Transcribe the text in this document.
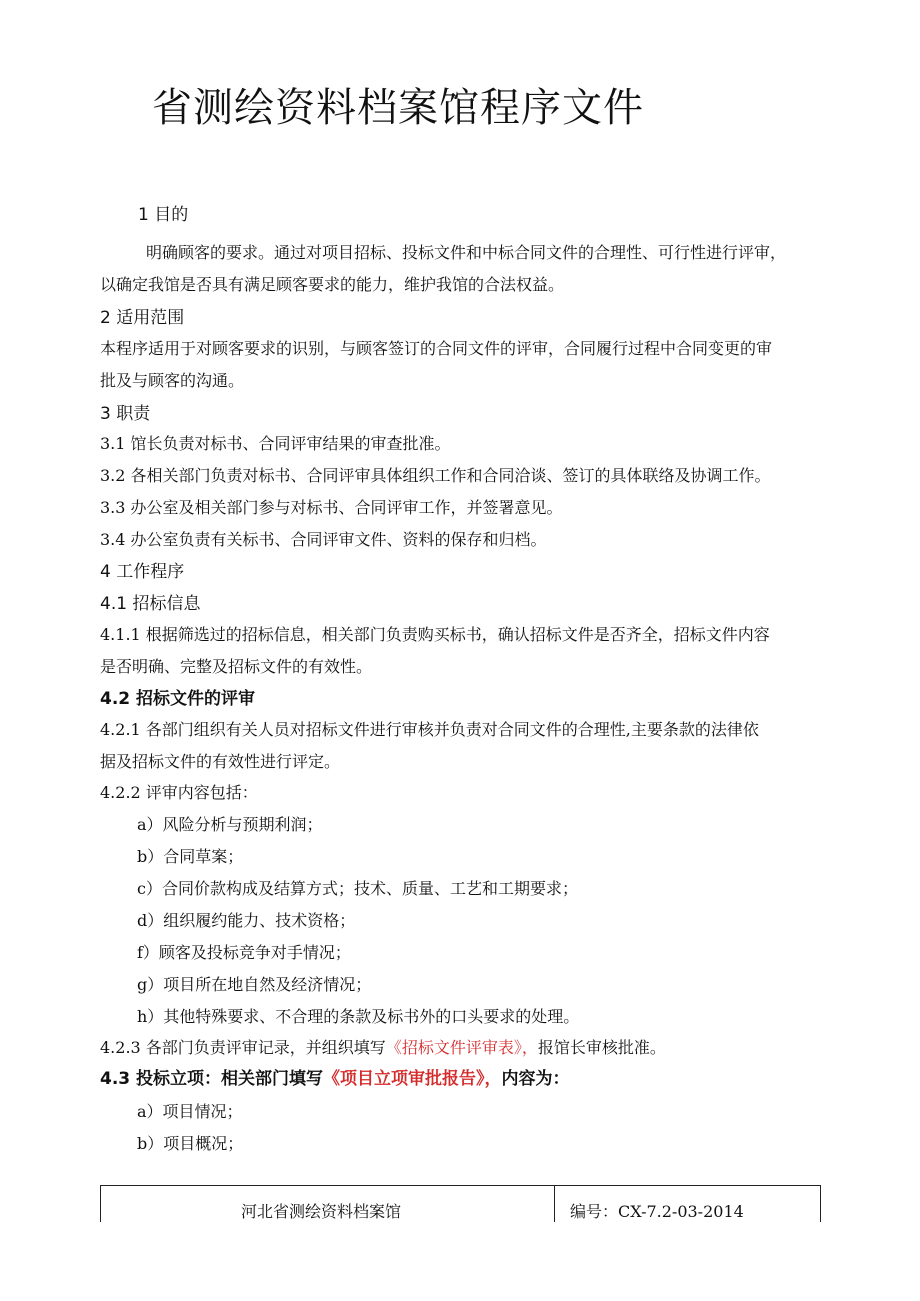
省测绘资料档案馆程序文件
1 目的
明确顾客的要求。通过对项目招标、投标文件和中标合同文件的合理性、可行性进行评审，
以确定我馆是否具有满足顾客要求的能力，维护我馆的合法权益。
2 适用范围
本程序适用于对顾客要求的识别，与顾客签订的合同文件的评审，合同履行过程中合同变更的审
批及与顾客的沟通。
3 职责
3.1 馆长负责对标书、合同评审结果的审查批准。
3.2 各相关部门负责对标书、合同评审具体组织工作和合同洽谈、签订的具体联络及协调工作。
3.3 办公室及相关部门参与对标书、合同评审工作，并签署意见。
3.4 办公室负责有关标书、合同评审文件、资料的保存和归档。
4 工作程序
4.1 招标信息
4.1.1 根据筛选过的招标信息，相关部门负责购买标书，确认招标文件是否齐全，招标文件内容
是否明确、完整及招标文件的有效性。
4.2 招标文件的评审
4.2.1 各部门组织有关人员对招标文件进行审核并负责对合同文件的合理性,主要条款的法律依
据及招标文件的有效性进行评定。
4.2.2 评审内容包括：
a）风险分析与预期利润；
b）合同草案；
c）合同价款构成及结算方式；技术、质量、工艺和工期要求；
d）组织履约能力、技术资格；
f）顾客及投标竞争对手情况；
g）项目所在地自然及经济情况；
h）其他特殊要求、不合理的条款及标书外的口头要求的处理。
4.2.3 各部门负责评审记录，并组织填写《招标文件评审表》，报馆长审核批准。
4.3 投标立项：相关部门填写《项目立项审批报告》，内容为：
a）项目情况；
b）项目概况；
河北省测绘资料档案馆	编号：CX-7.2-03-2014
